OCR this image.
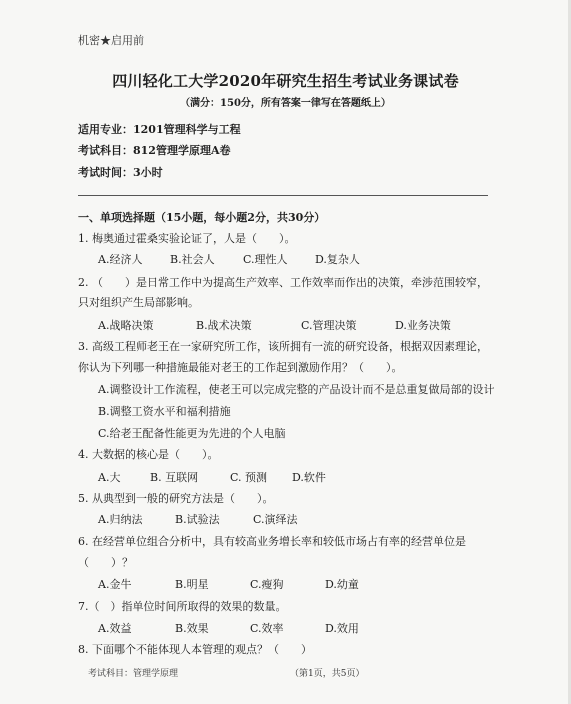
机密★启用前
四川轻化工大学2020年研究生招生考试业务课试卷
（满分：150分，所有答案一律写在答题纸上）
适用专业：1201管理科学与工程
考试科目：812管理学原理A卷
考试时间：3小时
一、单项选择题（15小题，每小题2分，共30分）
1. 梅奥通过霍桑实验论证了，人是（　　）。
A.经济人	B.社会人	C.理性人 D.复杂人
2. （　　）是日常工作中为提高生产效率、工作效率而作出的决策，牵涉范围较窄，
只对组织产生局部影响。
A.战略决策	B.战术决策	C.管理决策	D.业务决策
3. 高级工程师老王在一家研究所工作，该所拥有一流的研究设备，根据双因素理论，
你认为下列哪一种措施最能对老王的工作起到激励作用？（　　）。
A.调整设计工作流程，使老王可以完成完整的产品设计而不是总重复做局部的设计
B.调整工资水平和福利措施
C.给老王配备性能更为先进的个人电脑
4. 大数据的核心是（　　）。
A.大	B. 互联网	C. 预测 D.软件
5. 从典型到一般的研究方法是（　　）。
A.归纳法	B.试验法	C.演绎法
6. 在经营单位组合分析中，具有较高业务增长率和较低市场占有率的经营单位是
（　　）？
A.金牛	B.明星	C.瘦狗	D.幼童
7.（　）指单位时间所取得的效果的数量。
A.效益	B.效果	C.效率	D.效用
8. 下面哪个不能体现人本管理的观点？（　　）
考试科目：管理学原理	（第1页，共5页）
